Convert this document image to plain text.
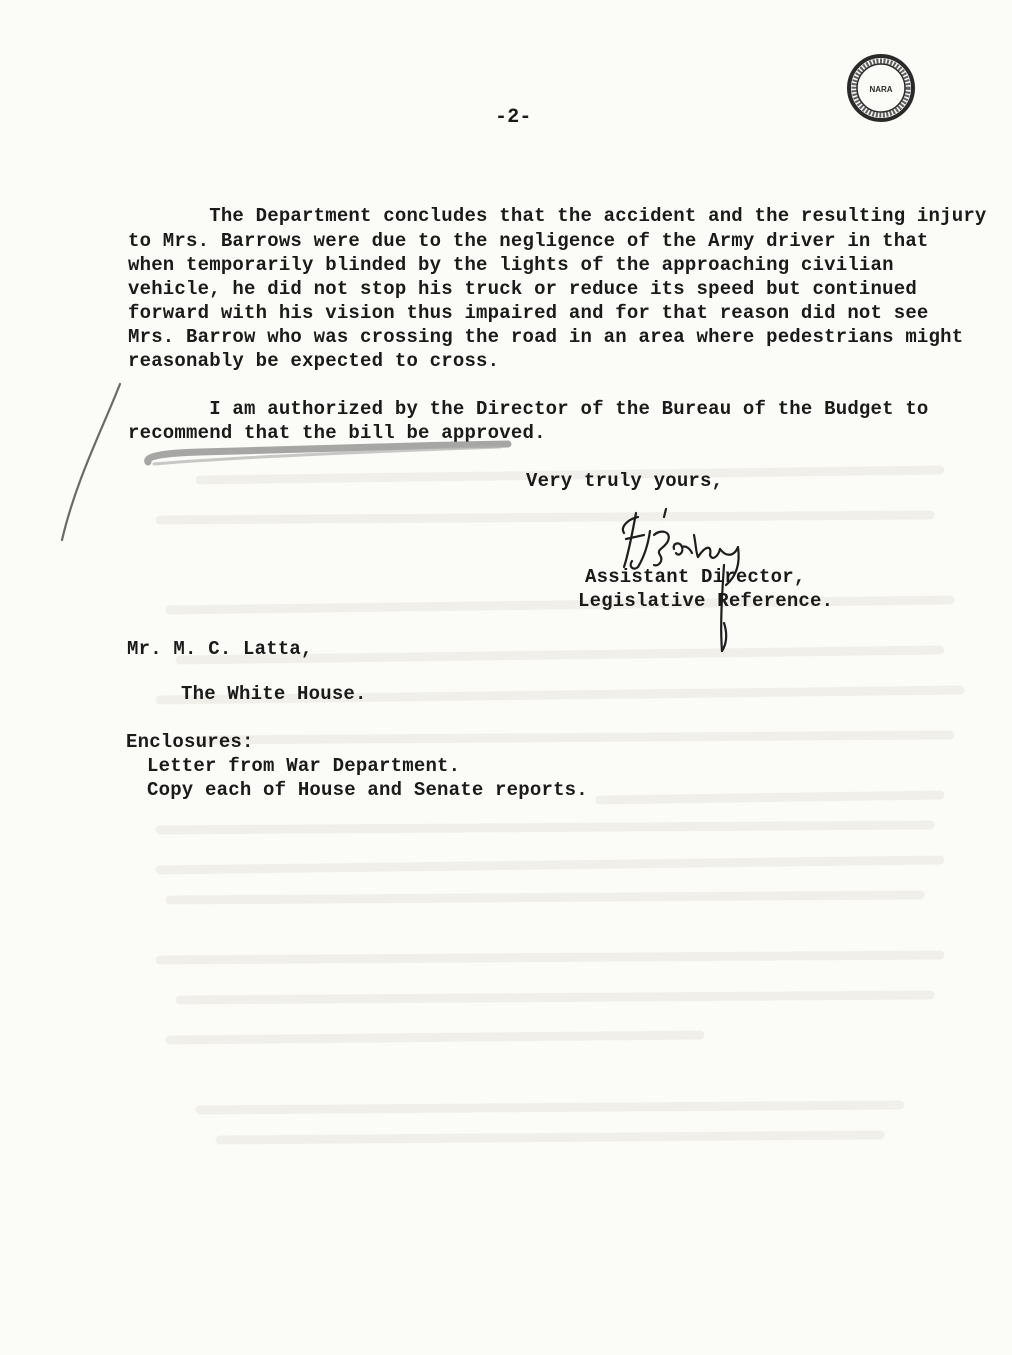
NARA
-2-
The Department concludes that the accident and the resulting injury
to Mrs. Barrows were due to the negligence of the Army driver in that
when temporarily blinded by the lights of the approaching civilian
vehicle, he did not stop his truck or reduce its speed but continued
forward with his vision thus impaired and for that reason did not see
Mrs. Barrow who was crossing the road in an area where pedestrians might
reasonably be expected to cross.
I am authorized by the Director of the Bureau of the Budget to
recommend that the bill be approved.
Very truly yours,
Assistant Director,
Legislative Reference.
Mr. M. C. Latta,
The White House.
Enclosures:
Letter from War Department.
Copy each of House and Senate reports.
